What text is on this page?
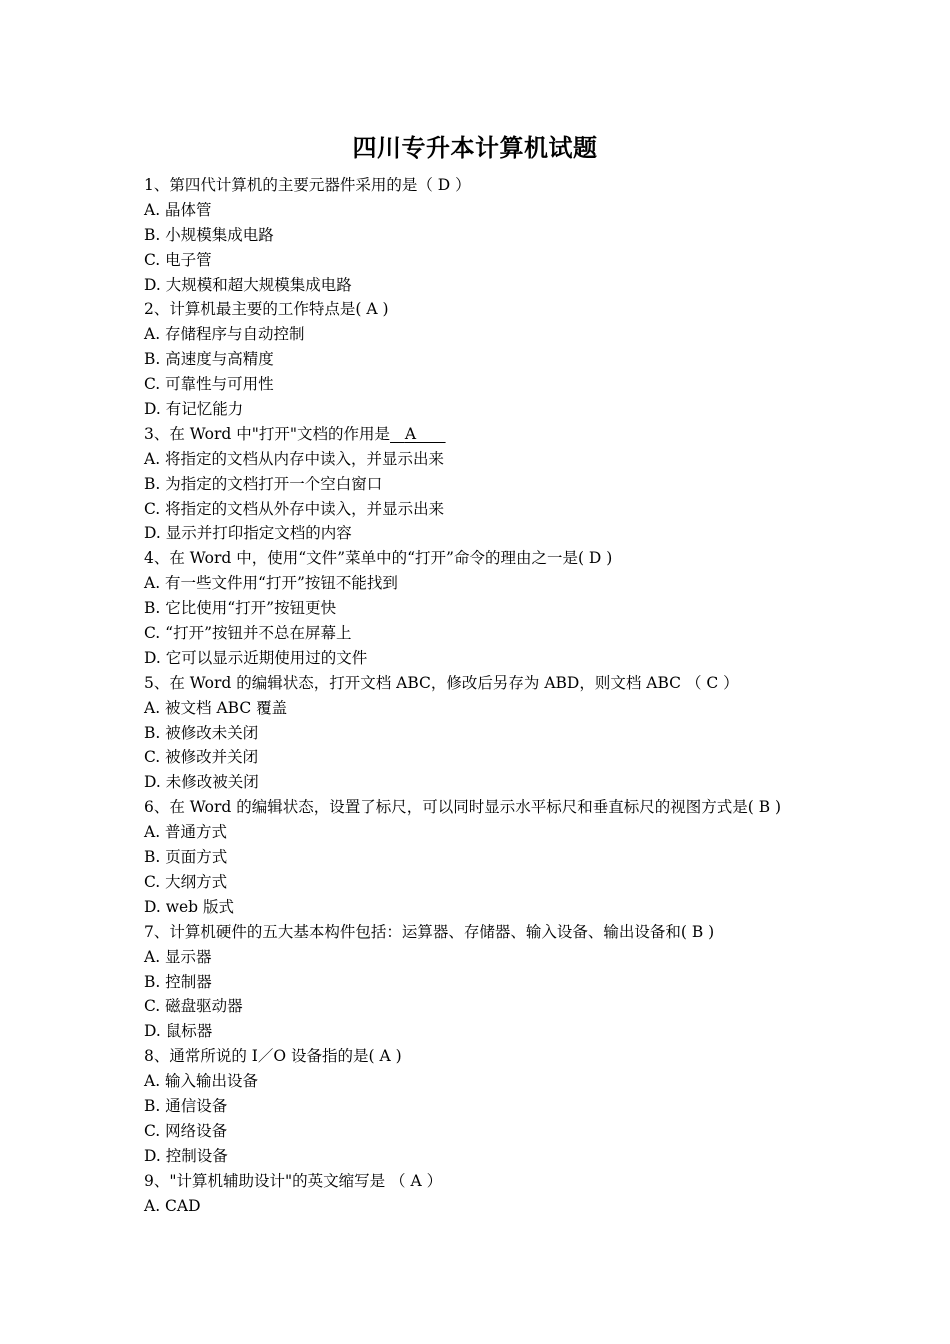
四川专升本计算机试题
1、第四代计算机的主要元器件采用的是（ D ）
A. 晶体管
B. 小规模集成电路
C. 电子管
D. 大规模和超大规模集成电路
2、计算机最主要的工作特点是( A )
A. 存储程序与自动控制
B. 高速度与高精度
C. 可靠性与可用性
D. 有记忆能力
3、在 Word 中"打开"文档的作用是 A
A. 将指定的文档从内存中读入，并显示出来
B. 为指定的文档打开一个空白窗口
C. 将指定的文档从外存中读入，并显示出来
D. 显示并打印指定文档的内容
4、在 Word 中，使用“文件”菜单中的“打开”命令的理由之一是( D )
A. 有一些文件用“打开”按钮不能找到
B. 它比使用“打开”按钮更快
C. “打开”按钮并不总在屏幕上
D. 它可以显示近期使用过的文件
5、在 Word 的编辑状态，打开文档 ABC，修改后另存为 ABD，则文档 ABC （ C ）
A. 被文档 ABC 覆盖
B. 被修改未关闭
C. 被修改并关闭
D. 未修改被关闭
6、在 Word 的编辑状态，设置了标尺，可以同时显示水平标尺和垂直标尺的视图方式是( B )
A. 普通方式
B. 页面方式
C. 大纲方式
D. web 版式
7、计算机硬件的五大基本构件包括：运算器、存储器、输入设备、输出设备和( B )
A. 显示器
B. 控制器
C. 磁盘驱动器
D. 鼠标器
8、通常所说的 I／O 设备指的是( A )
A. 输入输出设备
B. 通信设备
C. 网络设备
D. 控制设备
9、"计算机辅助设计"的英文缩写是 （ A ）
A. CAD
